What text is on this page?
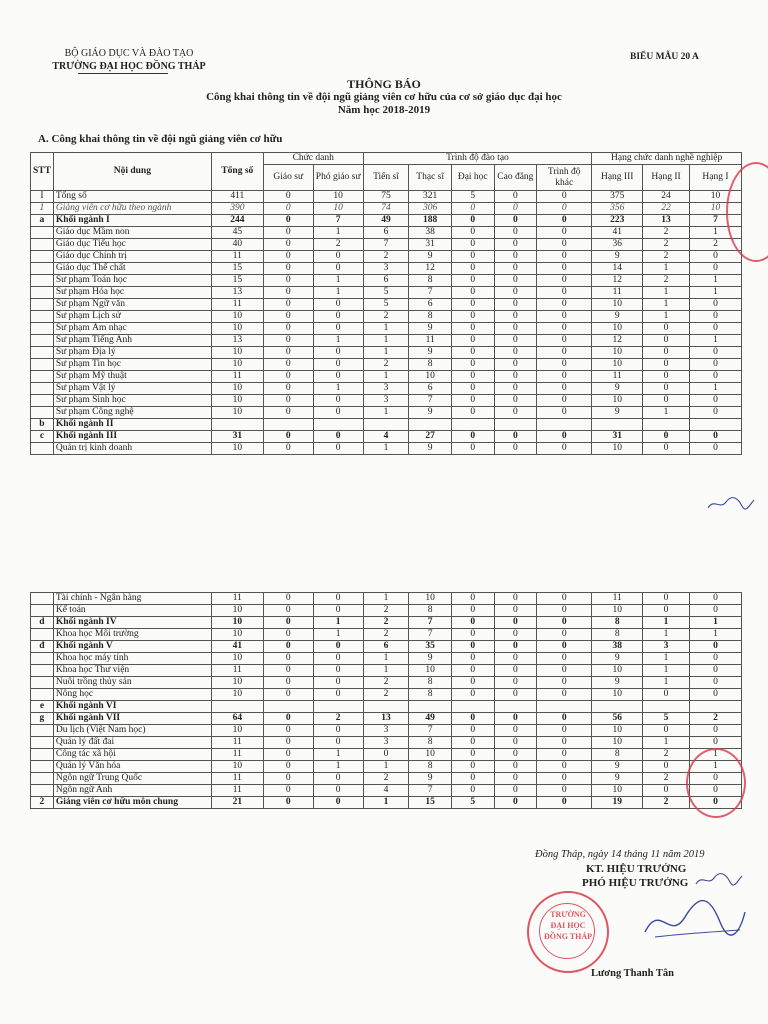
BỘ GIÁO DỤC VÀ ĐÀO TẠO
TRƯỜNG ĐẠI HỌC ĐỒNG THÁP
BIỂU MẪU 20 A
THÔNG BÁO
Công khai thông tin về đội ngũ giảng viên cơ hữu của cơ sở giáo dục đại học
Năm học 2018-2019
A. Công khai thông tin về đội ngũ giảng viên cơ hữu
STT	Nội dung	Tổng số	Chức danh		Trình độ đào tạo					Hạng chức danh nghề nghiệp		
			Giáo sư	Phó giáo sư	Tiến sĩ	Thạc sĩ	Đại học	Cao đẳng	Trình độ khác	Hạng III	Hạng II	Hạng I
I	Tổng số	411	0	10	75	321	5	0	0	375	24	10
1	Giảng viên cơ hữu theo ngành	390	0	10	74	306	0	0	0	356	22	10
a	Khối ngành I	244	0	7	49	188	0	0	0	223	13	7
	Giáo dục Mầm non	45	0	1	6	38	0	0	0	41	2	1
	Giáo dục Tiểu học	40	0	2	7	31	0	0	0	36	2	2
	Giáo dục Chính trị	11	0	0	2	9	0	0	0	9	2	0
	Giáo dục Thể chất	15	0	0	3	12	0	0	0	14	1	0
	Sư phạm Toán học	15	0	1	6	8	0	0	0	12	2	1
	Sư phạm Hóa học	13	0	1	5	7	0	0	0	11	1	1
	Sư phạm Ngữ văn	11	0	0	5	6	0	0	0	10	1	0
	Sư phạm Lịch sử	10	0	0	2	8	0	0	0	9	1	0
	Sư phạm Âm nhạc	10	0	0	1	9	0	0	0	10	0	0
	Sư phạm Tiếng Anh	13	0	1	1	11	0	0	0	12	0	1
	Sư phạm Địa lý	10	0	0	1	9	0	0	0	10	0	0
	Sư phạm Tin học	10	0	0	2	8	0	0	0	10	0	0
	Sư phạm Mỹ thuật	11	0	0	1	10	0	0	0	11	0	0
	Sư phạm Vật lý	10	0	1	3	6	0	0	0	9	0	1
	Sư phạm Sinh học	10	0	0	3	7	0	0	0	10	0	0
	Sư phạm Công nghệ	10	0	0	1	9	0	0	0	9	1	0
b	Khối ngành II											
c	Khối ngành III	31	0	0	4	27	0	0	0	31	0	0
	Quản trị kinh doanh	10	0	0	1	9	0	0	0	10	0	0
	Tài chính - Ngân hàng	11	0	0	1	10	0	0	0	11	0	0
	Kế toán	10	0	0	2	8	0	0	0	10	0	0
d	Khối ngành IV	10	0	1	2	7	0	0	0	8	1	1
	Khoa học Môi trường	10	0	1	2	7	0	0	0	8	1	1
đ	Khối ngành V	41	0	0	6	35	0	0	0	38	3	0
	Khoa học máy tính	10	0	0	1	9	0	0	0	9	1	0
	Khoa học Thư viện	11	0	0	1	10	0	0	0	10	1	0
	Nuôi trồng thủy sản	10	0	0	2	8	0	0	0	9	1	0
	Nông học	10	0	0	2	8	0	0	0	10	0	0
e	Khối ngành VI											
g	Khối ngành VII	64	0	2	13	49	0	0	0	56	5	2
	Du lịch (Việt Nam học)	10	0	0	3	7	0	0	0	10	0	0
	Quản lý đất đai	11	0	0	3	8	0	0	0	10	1	0
	Công tác xã hội	11	0	1	0	10	0	0	0	8	2	1
	Quản lý Văn hóa	10	0	1	1	8	0	0	0	9	0	1
	Ngôn ngữ Trung Quốc	11	0	0	2	9	0	0	0	9	2	0
	Ngôn ngữ Anh	11	0	0	4	7	0	0	0	10	0	0
2	Giảng viên cơ hữu môn chung	21	0	0	1	15	5	0	0	19	2	0
Đồng Tháp, ngày 14 tháng 11 năm 2019
KT. HIỆU TRƯỞNG
PHÓ HIỆU TRƯỞNG
TRƯỜNG
ĐẠI HỌC
ĐỒNG THÁP
Lương Thanh Tân
